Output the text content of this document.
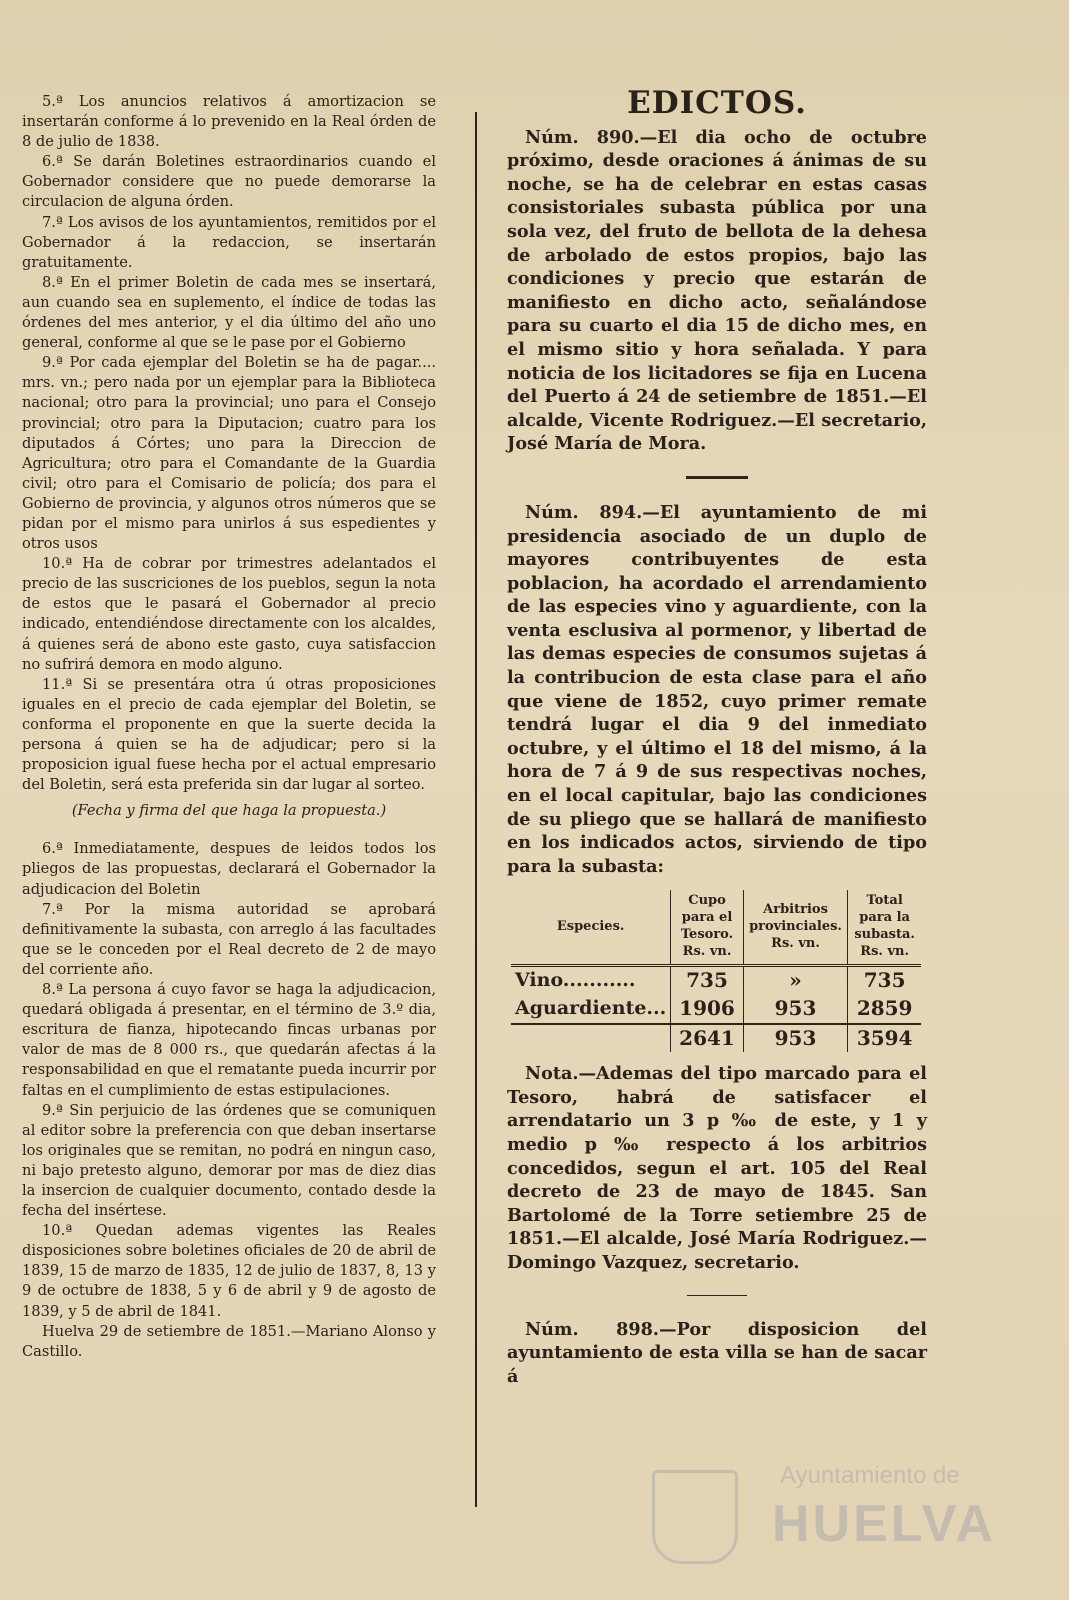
5.ª Los anuncios relativos á amortizacion se insertarán conforme á lo prevenido en la Real órden de 8 de julio de 1838.

6.ª Se darán Boletines estraordinarios cuando el Gobernador considere que no puede demorarse la circulacion de alguna órden.

7.ª Los avisos de los ayuntamientos, remitidos por el Gobernador á la redaccion, se insertarán gratuitamente.

8.ª En el primer Boletin de cada mes se insertará, aun cuando sea en suplemento, el índice de todas las órdenes del mes anterior, y el dia último del año uno general, conforme al que se le pase por el Gobierno

9.ª Por cada ejemplar del Boletin se ha de pagar.... mrs. vn.; pero nada por un ejemplar para la Biblioteca nacional; otro para la provincial; uno para el Consejo provincial; otro para la Diputacion; cuatro para los diputados á Córtes; uno para la Direccion de Agricultura; otro para el Comandante de la Guardia civil; otro para el Comisario de policía; dos para el Gobierno de provincia, y algunos otros números que se pidan por el mismo para unirlos á sus espedientes y otros usos

10.ª Ha de cobrar por trimestres adelantados el precio de las suscriciones de los pueblos, segun la nota de estos que le pasará el Gobernador al precio indicado, entendiéndose directamente con los alcaldes, á quienes será de abono este gasto, cuya satisfaccion no sufrirá demora en modo alguno.

11.ª Si se presentára otra ú otras proposiciones iguales en el precio de cada ejemplar del Boletin, se conforma el proponente en que la suerte decida la persona á quien se ha de adjudicar; pero si la proposicion igual fuese hecha por el actual empresario del Boletin, será esta preferida sin dar lugar al sorteo.

(Fecha y firma del que haga la propuesta.)

6.ª Inmediatamente, despues de leidos todos los pliegos de las propuestas, declarará el Gobernador la adjudicacion del Boletin

7.ª Por la misma autoridad se aprobará definitivamente la subasta, con arreglo á las facultades que se le conceden por el Real decreto de 2 de mayo del corriente año.

8.ª La persona á cuyo favor se haga la adjudicacion, quedará obligada á presentar, en el término de 3.º dia, escritura de fianza, hipotecando fincas urbanas por valor de mas de 8 000 rs., que quedarán afectas á la responsabilidad en que el rematante pueda incurrir por faltas en el cumplimiento de estas estipulaciones.

9.ª Sin perjuicio de las órdenes que se comuniquen al editor sobre la preferencia con que deban insertarse los originales que se remitan, no podrá en ningun caso, ni bajo pretesto alguno, demorar por mas de diez dias la insercion de cualquier documento, contado desde la fecha del insértese.

10.ª Quedan ademas vigentes las Reales disposiciones sobre boletines oficiales de 20 de abril de 1839, 15 de marzo de 1835, 12 de julio de 1837, 8, 13 y 9 de octubre de 1838, 5 y 6 de abril y 9 de agosto de 1839, y 5 de abril de 1841.

Huelva 29 de setiembre de 1851.—Mariano Alonso y Castillo.

EDICTOS.

Núm. 890.—El dia ocho de octubre próximo, desde oraciones á ánimas de su noche, se ha de celebrar en estas casas consistoriales subasta pública por una sola vez, del fruto de bellota de la dehesa de arbolado de estos propios, bajo las condiciones y precio que estarán de manifiesto en dicho acto, señalándose para su cuarto el dia 15 de dicho mes, en el mismo sitio y hora señalada. Y para noticia de los licitadores se fija en Lucena del Puerto á 24 de setiembre de 1851.—El alcalde, Vicente Rodriguez.—El secretario, José María de Mora.

Núm. 894.—El ayuntamiento de mi presidencia asociado de un duplo de mayores contribuyentes de esta poblacion, ha acordado el arrendamiento de las especies vino y aguardiente, con la venta esclusiva al pormenor, y libertad de las demas especies de consumos sujetas á la contribucion de esta clase para el año que viene de 1852, cuyo primer remate tendrá lugar el dia 9 del inmediato octubre, y el último el 18 del mismo, á la hora de 7 á 9 de sus respectivas noches, en el local capitular, bajo las condiciones de su pliego que se hallará de manifiesto en los indicados actos, sirviendo de tipo para la subasta:

Especies.	Cupo para el Tesoro. Rs. vn.	Arbitrios provinciales. Rs. vn.	Total para la subasta. Rs. vn.
Vino...........	735	»	735
Aguardiente...	1906	953	2859
	2641	953	3594

Nota.—Ademas del tipo marcado para el Tesoro, habrá de satisfacer el arrendatario un 3 p ‰ de este, y 1 y medio p ‰ respecto á los arbitrios concedidos, segun el art. 105 del Real decreto de 23 de mayo de 1845. San Bartolomé de la Torre setiembre 25 de 1851.—El alcalde, José María Rodriguez.—Domingo Vazquez, secretario.

Núm. 898.—Por disposicion del ayuntamiento de esta villa se han de sacar á

Ayuntamiento de
HUELVA
